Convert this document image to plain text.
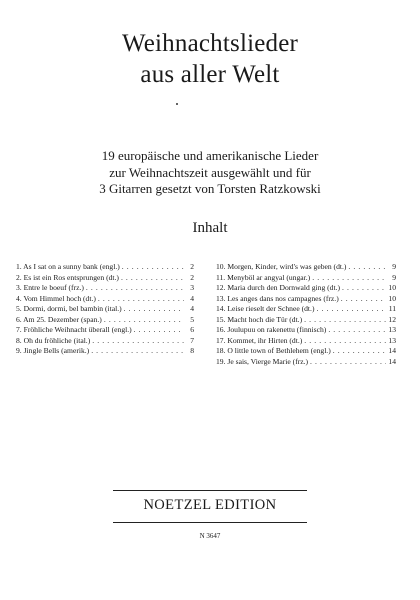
Weihnachtslieder
aus aller Welt
19 europäische und amerikanische Lieder
zur Weihnachtszeit ausgewählt und für
3 Gitarren gesetzt von Torsten Ratzkowski
Inhalt
1. As I sat on a sunny bank (engl.) . . .	2
2. Es ist ein Ros entsprungen (dt.) . . .	2
3. Entre le boeuf (frz.) . . .	3
4. Vom Himmel hoch (dt.) . . .	4
5. Dormi, dormi, bel bambin (ital.) . . .	4
6. Am 25. Dezember (span.) . . .	5
7. Fröhliche Weihnacht überall (engl.) . . .	6
8. Oh du fröhliche (ital.) . . .	7
9. Jingle Bells (amerik.) . . .	8
10. Morgen, Kinder, wird's was geben (dt.) . . .	9
11. Menyböl ar angyal (ungar.) . . .	9
12. Maria durch den Dornwald ging (dt.) . . .	10
13. Les anges dans nos campagnes (frz.) . . .	10
14. Leise rieselt der Schnee (dt.) . . .	11
15. Macht hoch die Tür (dt.) . . .	12
16. Joulupuu on rakenettu (finnisch) . . .	13
17. Kommet, ihr Hirten (dt.) . . .	13
18. O little town of Bethlehem (engl.) . . .	14
19. Je sais, Vierge Marie (frz.) . . .	14
NOETZEL EDITION
N 3647
